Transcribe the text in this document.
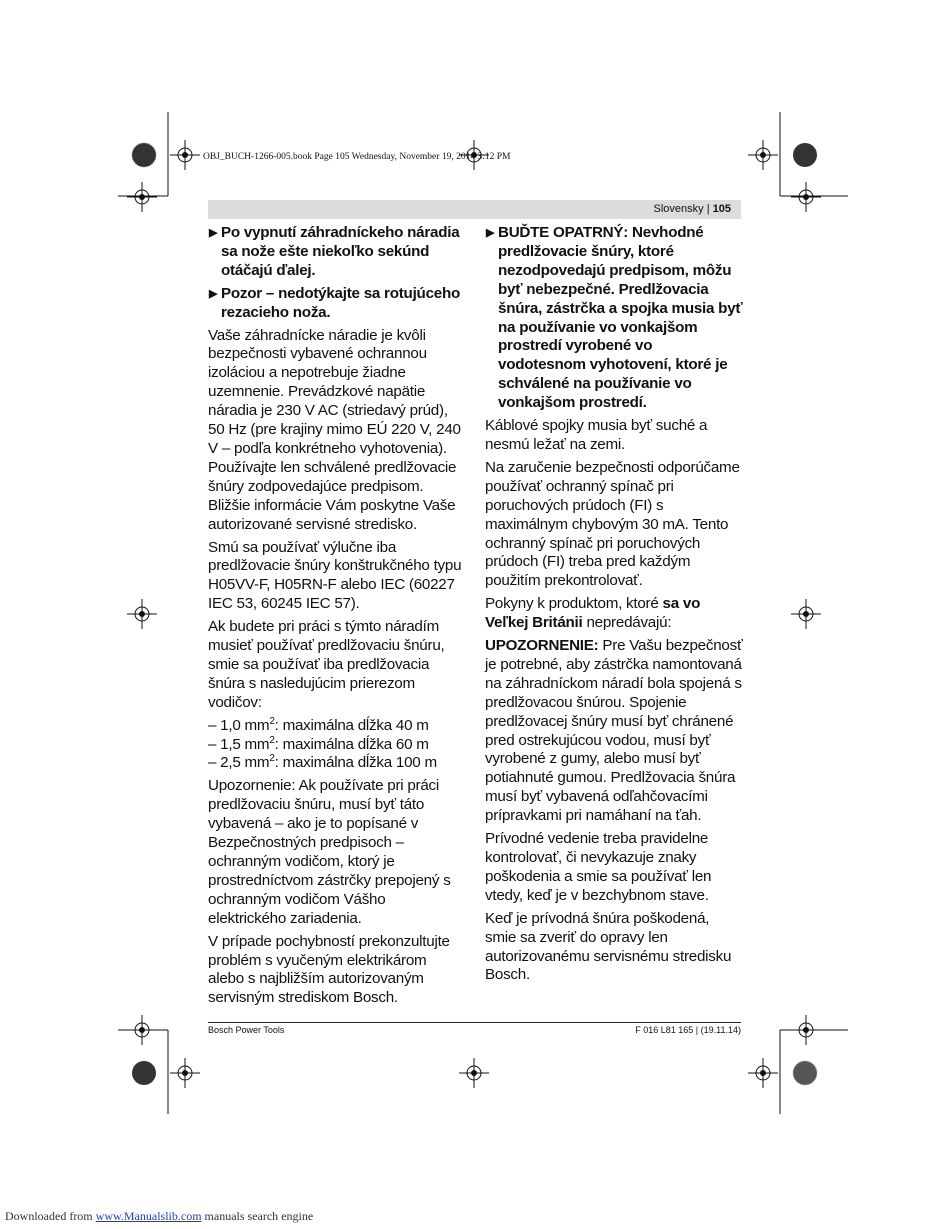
OBJ_BUCH-1266-005.book Page 105 Wednesday, November 19, 2014 3:12 PM
Slovensky | 105
▶ Po vypnutí záhradníckeho náradia sa nože ešte niekoľko sekúnd otáčajú ďalej.
▶ Pozor – nedotýkajte sa rotujúceho rezacieho noža.

Vaše záhradnícke náradie je kvôli bezpečnosti vybavené ochrannou izoláciou a nepotrebuje žiadne uzemnenie. Prevádzkové napätie náradia je 230 V AC (striedavý prúd), 50 Hz (pre krajiny mimo EÚ 220 V, 240 V – podľa konkrétneho vyhotovenia). Používajte len schválené predlžovacie šnúry zodpovedajúce predpisom. Bližšie informácie Vám poskytne Vaše autorizované servisné stredisko.

Smú sa používať výlučne iba predlžovacie šnúry konštrukčného typu H05VV-F, H05RN-F alebo IEC (60227 IEC 53, 60245 IEC 57).

Ak budete pri práci s týmto náradím musieť používať predlžovaciu šnúru, smie sa používať iba predlžovacia šnúra s nasledujúcim prierezom vodičov:

– 1,0 $mm^2$: maximálna dĺžka 40 m
– 1,5 $mm^2$: maximálna dĺžka 60 m
– 2,5 $mm^2$: maximálna dĺžka 100 m

Upozornenie: Ak používate pri práci predlžovaciu šnúru, musí byť táto vybavená – ako je to popísané v Bezpečnostných predpisoch – ochranným vodičom, ktorý je prostredníctvom zástrčky prepojený s ochranným vodičom Vášho elektrického zariadenia.

V prípade pochybností prekonzultujte problém s vyučeným elektrikárom alebo s najbližším autorizovaným servisným strediskom Bosch.

▶ BUĎTE OPATRNÝ: Nevhodné predlžovacie šnúry, ktoré nezodpovedajú predpisom, môžu byť nebezpečné. Predlžovacia šnúra, zástrčka a spojka musia byť na používanie vo vonkajšom prostredí vyrobené vo vodotesnom vyhotovení, ktoré je schválené na používanie vo vonkajšom prostredí.

Káblové spojky musia byť suché a nesmú ležať na zemi.

Na zaručenie bezpečnosti odporúčame používať ochranný spínač pri poruchových prúdoch (FI) s maximálnym chybovým 30 mA. Tento ochranný spínač pri poruchových prúdoch (FI) treba pred každým použitím prekontrolovať.

Pokyny k produktom, ktoré sa vo Veľkej Británii nepredávajú:

UPOZORNENIE: Pre Vašu bezpečnosť je potrebné, aby zástrčka namontovaná na záhradníckom náradí bola spojená s predlžovacou šnúrou. Spojenie predlžovacej šnúry musí byť chránené pred ostrekujúcou vodou, musí byť vyrobené z gumy, alebo musí byť potiahnuté gumou. Predlžovacia šnúra musí byť vybavená odľahčovacími prípravkami pri namáhaní na ťah.

Prívodné vedenie treba pravidelne kontrolovať, či nevykazuje znaky poškodenia a smie sa používať len vtedy, keď je v bezchybnom stave.

Keď je prívodná šnúra poškodená, smie sa zveriť do opravy len autorizovanému servisnému stredisku Bosch.

Bosch Power Tools	F 016 L81 165 | (19.11.14)
Downloaded from www.Manualslib.com manuals search engine
